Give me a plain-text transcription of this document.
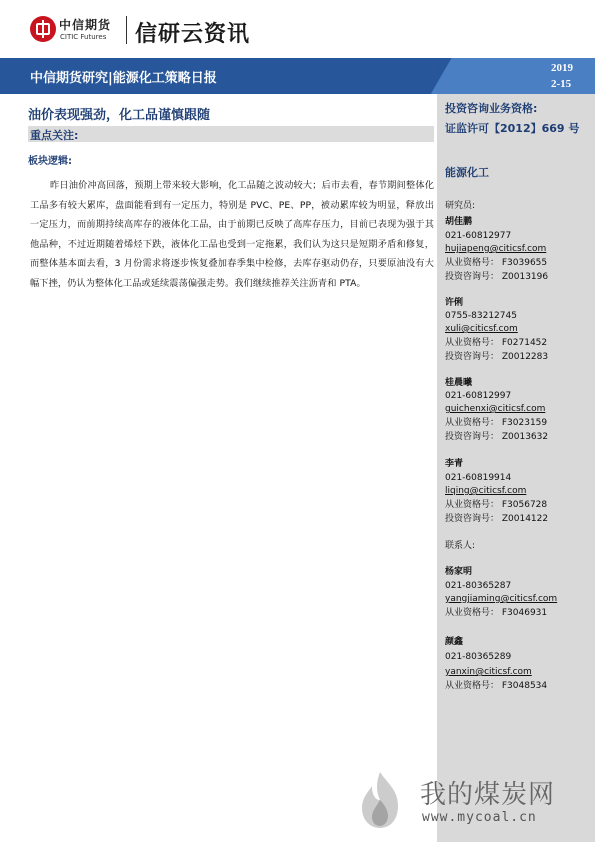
中信期货
CITIC Futures 信研云资讯
中信期货研究|能源化工策略日报
2019
2-15
油价表现强劲，化工品谨慎跟随
重点关注:
板块逻辑:
昨日油价冲高回落，预期上带来较大影响，化工品随之波动较大；后市去看，春节期间整体化工品多有较大累库，盘面能看到有一定压力，特别是 PVC、PE、PP，被动累库较为明显，释放出一定压力，而前期持续高库存的液体化工品，由于前期已反映了高库存压力，目前已表现为强于其他品种，不过近期随着烯烃下跌，液体化工品也受到一定拖累，我们认为这只是短期矛盾和修复，而整体基本面去看，3 月份需求将逐步恢复叠加春季集中检修，去库存驱动仍存，只要原油没有大幅下挫，仍认为整体化工品或延续震荡偏强走势。我们继续推荐关注沥青和 PTA。
投资咨询业务资格:
证监许可【2012】669 号
能源化工
研究员:
胡佳鹏
021-60812977
hujiapeng@citicsf.com
从业资格号： F3039655
投资咨询号： Z0013196
许俐
0755-83212745
xuli@citicsf.com
从业资格号： F0271452
投资咨询号： Z0012283
桂晨曦
021-60812997
guichenxi@citicsf.com
从业资格号： F3023159
投资咨询号： Z0013632
李青
021-60819914
liqing@citicsf.com
从业资格号： F3056728
投资咨询号： Z0014122
联系人:
杨家明
021-80365287
yangjiaming@citicsf.com
从业资格号： F3046931
颜鑫
021-80365289
yanxin@citicsf.com
从业资格号： F3048534
我的煤炭网
www.mycoal.cn
